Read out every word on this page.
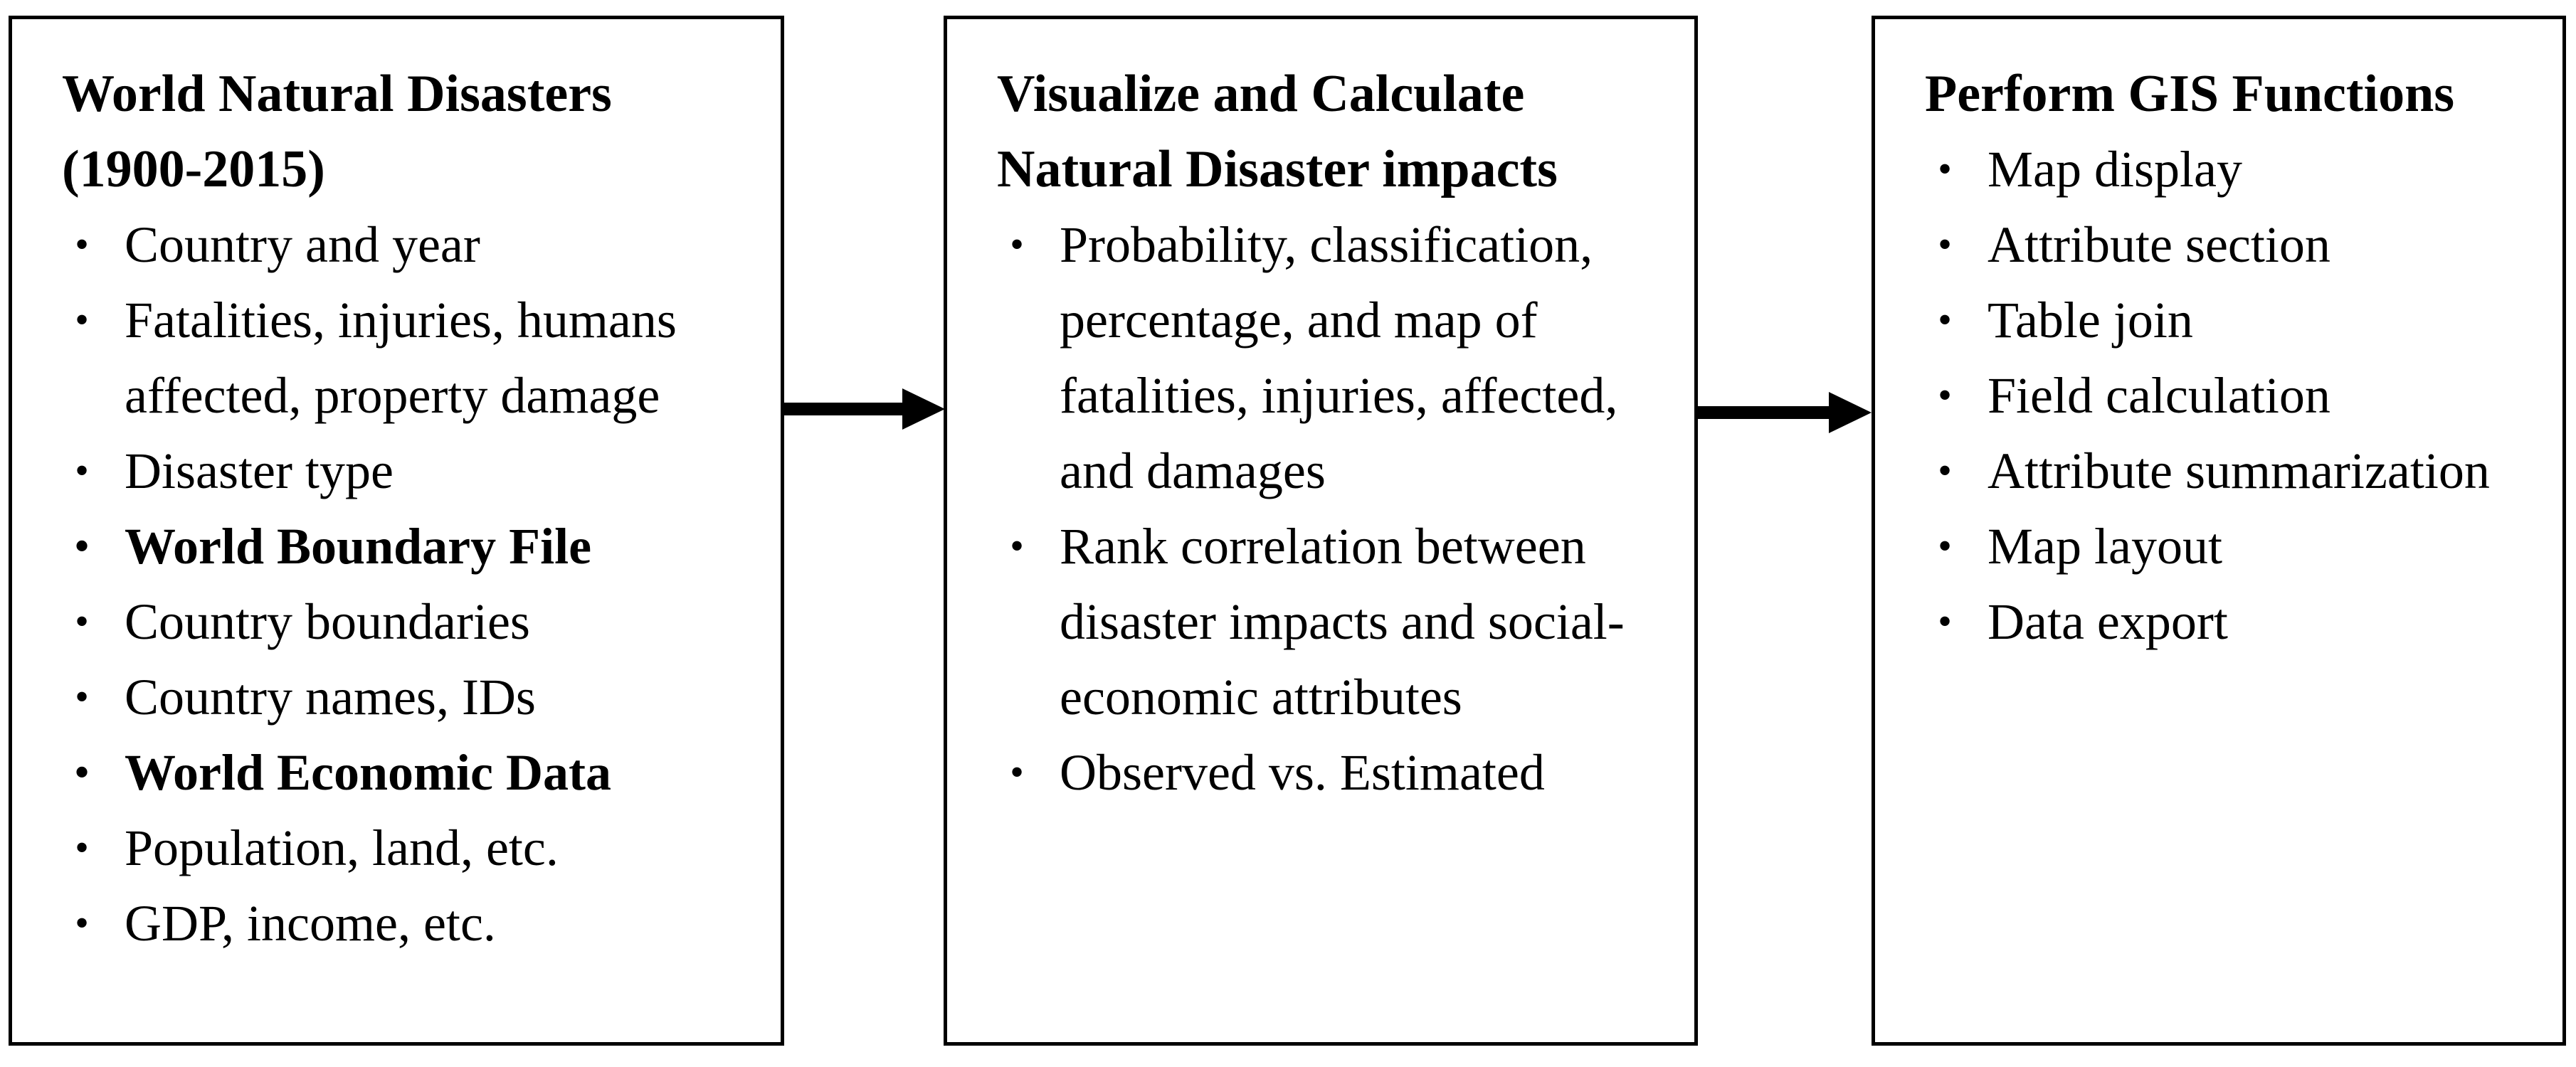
World Natural Disasters (1900-2015)
• Country and year
• Fatalities, injuries, humans affected, property damage
• Disaster type
• World Boundary File
• Country boundaries
• Country names, IDs
• World Economic Data
• Population, land, etc.
• GDP, income, etc.
Visualize and Calculate Natural Disaster impacts
• Probability, classification, percentage, and map of fatalities, injuries, affected, and damages
• Rank correlation between disaster impacts and social-economic attributes
• Observed vs. Estimated
Perform GIS Functions
• Map display
• Attribute section
• Table join
• Field calculation
• Attribute summarization
• Map layout
• Data export
